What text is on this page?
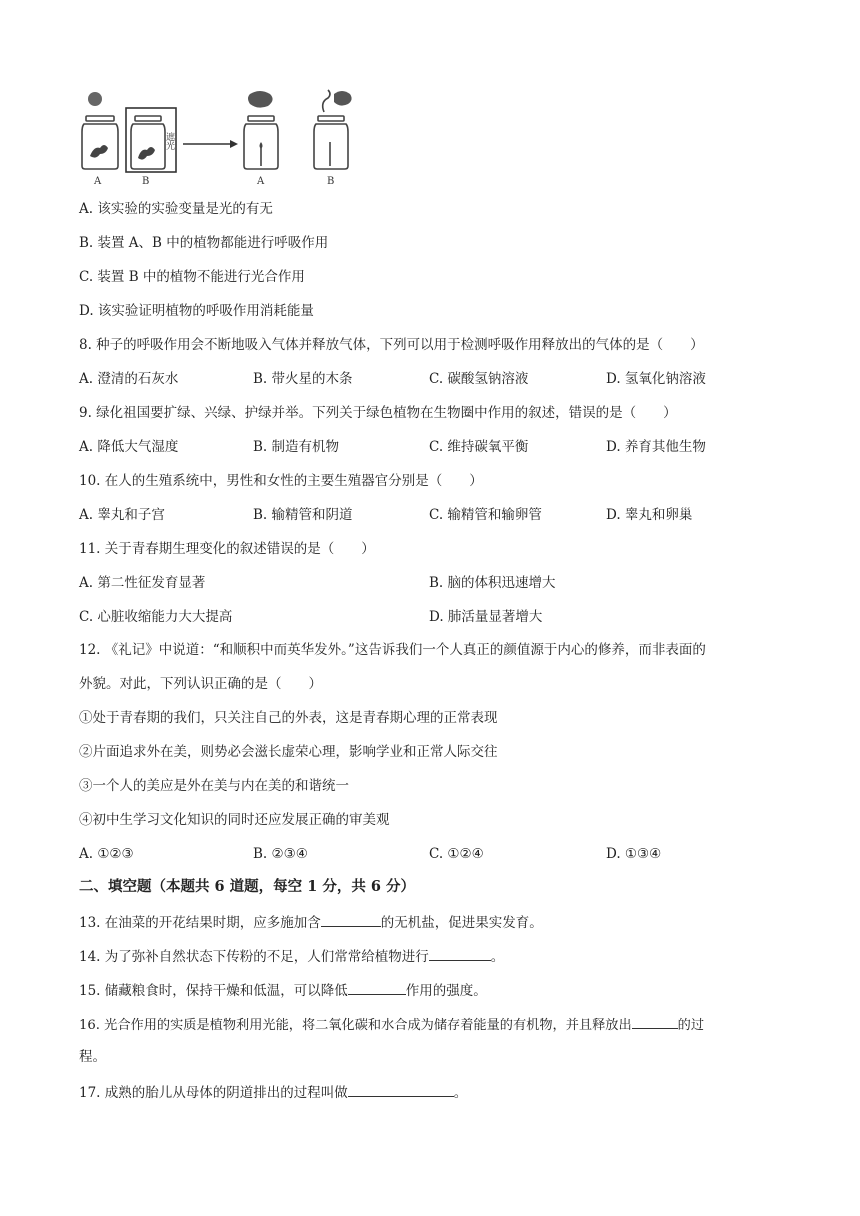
遮光
A	B	A	B
A. 该实验的实验变量是光的有无
B. 装置 A、B 中的植物都能进行呼吸作用
C. 装置 B 中的植物不能进行光合作用
D. 该实验证明植物的呼吸作用消耗能量
8. 种子的呼吸作用会不断地吸入气体并释放气体，下列可以用于检测呼吸作用释放出的气体的是（　　）
A. 澄清的石灰水	B. 带火星的木条	C. 碳酸氢钠溶液	D. 氢氧化钠溶液
9. 绿化祖国要扩绿、兴绿、护绿并举。下列关于绿色植物在生物圈中作用的叙述，错误的是（　　）
A. 降低大气湿度	B. 制造有机物	C. 维持碳氧平衡	D. 养育其他生物
10. 在人的生殖系统中，男性和女性的主要生殖器官分别是（　　）
A. 睾丸和子宫	B. 输精管和阴道	C. 输精管和输卵管	D. 睾丸和卵巢
11. 关于青春期生理变化的叙述错误的是（　　）
A. 第二性征发育显著	B. 脑的体积迅速增大
C. 心脏收缩能力大大提高	D. 肺活量显著增大
12. 《礼记》中说道：“和顺积中而英华发外。”这告诉我们一个人真正的颜值源于内心的修养，而非表面的
外貌。对此，下列认识正确的是（　　）
①处于青春期的我们，只关注自己的外表，这是青春期心理的正常表现
②片面追求外在美，则势必会滋长虚荣心理，影响学业和正常人际交往
③一个人的美应是外在美与内在美的和谐统一
④初中生学习文化知识的同时还应发展正确的审美观
A. ①②③	B. ②③④	C. ①②④	D. ①③④
二、填空题（本题共 6 道题，每空 1 分，共 6 分）
13. 在油菜的开花结果时期，应多施加含	的无机盐，促进果实发育。
14. 为了弥补自然状态下传粉的不足，人们常常给植物进行	。
15. 储藏粮食时，保持干燥和低温，可以降低	作用的强度。
16. 光合作用的实质是植物利用光能，将二氧化碳和水合成为储存着能量的有机物，并且释放出	的过
程。
17. 成熟的胎儿从母体的阴道排出的过程叫做	。
